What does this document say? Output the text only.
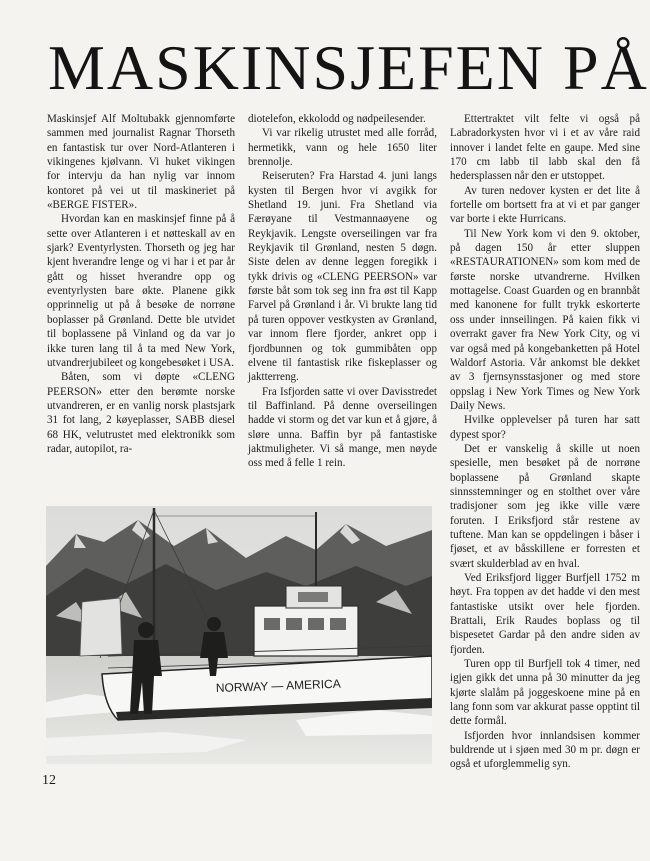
MASKINSJEFEN PÅ

Maskinsjef Alf Moltubakk gjennomførte sammen med journalist Ragnar Thorseth en fantastisk tur over Nord-Atlanteren i vikingenes kjølvann. Vi huket vikingen for intervju da han nylig var innom kontoret på vei ut til maskineriet på «BERGE FISTER».

Hvordan kan en maskinsjef finne på å sette over Atlanteren i et nøtteskall av en sjark? Eventyrlysten. Thorseth og jeg har kjent hverandre lenge og vi har i et par år gått og hisset hverandre opp og eventyrlysten bare økte. Planene gikk opprinnelig ut på å besøke de norrøne boplasser på Grønland. Dette ble utvidet til boplassene på Vinland og da var jo ikke turen lang til å ta med New York, utvandrerjubileet og kongebesøket i USA.

Båten, som vi døpte «CLENG PEERSON» etter den berømte norske utvandreren, er en vanlig norsk plastsjark 31 fot lang, 2 køyeplasser, SABB diesel 68 HK, velutrustet med elektronikk som radar, autopilot, ra-

diotelefon, ekkolodd og nødpeilesender.

Vi var rikelig utrustet med alle forråd, hermetikk, vann og hele 1650 liter brennolje.

Reiseruten? Fra Harstad 4. juni langs kysten til Bergen hvor vi avgikk for Shetland 19. juni. Fra Shetland via Færøyane til Vestmannaøyene og Reykjavik. Lengste overseilingen var fra Reykjavik til Grønland, nesten 5 døgn. Siste delen av denne leggen foregikk i tykk drivis og «CLENG PEERSON» var første båt som tok seg inn fra øst til Kapp Farvel på Grønland i år. Vi brukte lang tid på turen oppover vestkysten av Grønland, var innom flere fjorder, ankret opp i fjordbunnen og tok gummibåten opp elvene til fantastisk rike fiskeplasser og jaktterreng.

Fra Isfjorden satte vi over Davisstredet til Baffinland. På denne overseilingen hadde vi storm og det var kun et å gjøre, å sløre unna. Baffin byr på fantastiske jaktmuligheter. Vi så mange, men nøyde oss med å felle 1 rein.

Ettertraktet vilt felte vi også på Labradorkysten hvor vi i et av våre raid innover i landet felte en gaupe. Med sine 170 cm labb til labb skal den få hedersplassen når den er utstoppet.

Av turen nedover kysten er det lite å fortelle om bortsett fra at vi et par ganger var borte i ekte Hurricans.

Til New York kom vi den 9. oktober, på dagen 150 år etter sluppen «RESTAURATIONEN» som kom med de første norske utvandrerne. Hvilken mottagelse. Coast Guarden og en brannbåt med kanonene for fullt trykk eskorterte oss under innseilingen. På kaien fikk vi overrakt gaver fra New York City, og vi var også med på kongebanketten på Hotel Waldorf Astoria. Vår ankomst ble dekket av 3 fjernsynsstasjoner og med store oppslag i New York Times og New York Daily News.

Hvilke opplevelser på turen har satt dypest spor?

Det er vanskelig å skille ut noen spesielle, men besøket på de norrøne boplassene på Grønland skapte sinnsstemninger og en stolthet over våre tradisjoner som jeg ikke ville være foruten. I Eriksfjord står restene av tuftene. Man kan se oppdelingen i båser i fjøset, et av båsskillene er forresten et svært skulderblad av en hval.

Ved Eriksfjord ligger Burfjell 1752 m høyt. Fra toppen av det hadde vi den mest fantastiske utsikt over hele fjorden. Brattali, Erik Raudes boplass og til bispesetet Gardar på den andre siden av fjorden.

Turen opp til Burfjell tok 4 timer, ned igjen gikk det unna på 30 minutter da jeg kjørte slalåm på joggeskoene mine på en lang fonn som var akkurat passe opptint til dette formål.

Isfjorden hvor innlandsisen kommer buldrende ut i sjøen med 30 m pr. døgn er også et uforglemmelig syn.

NORWAY — AMERICA
12
